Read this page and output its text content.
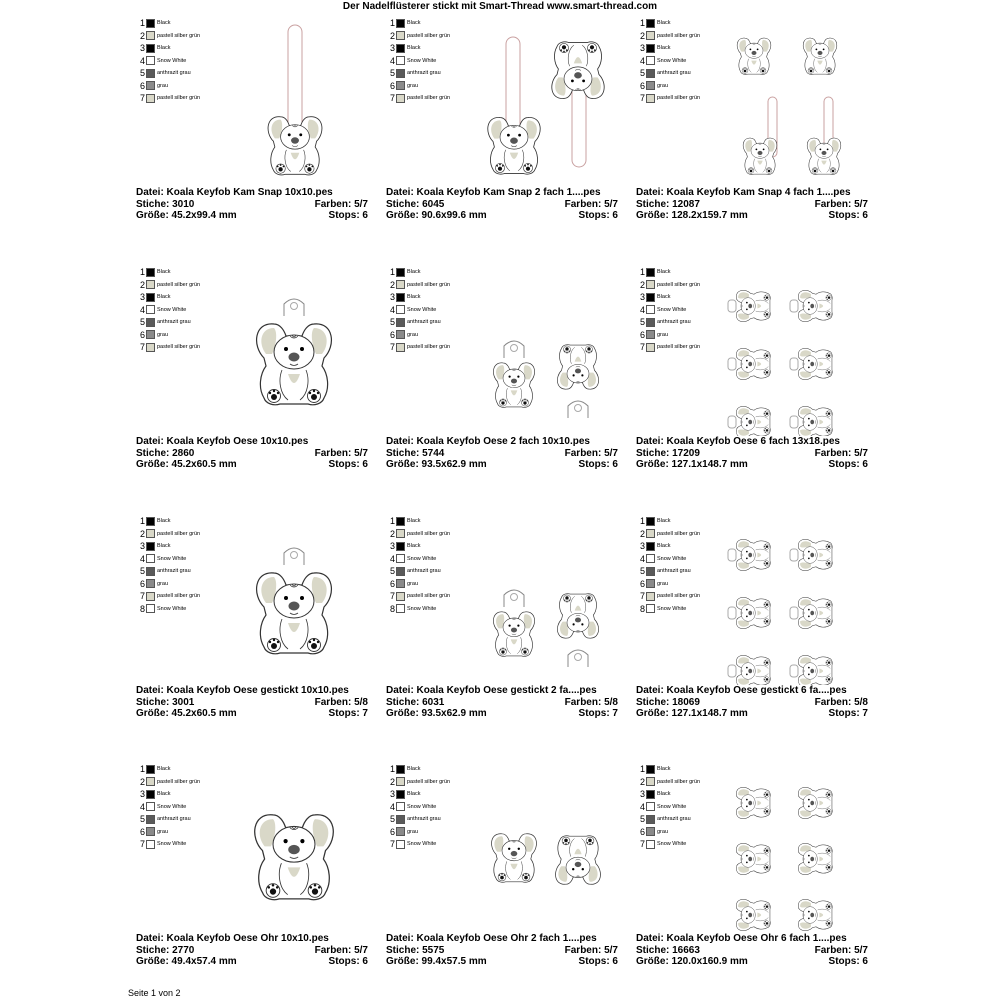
Der Nadelflüsterer stickt mit Smart-Thread www.smart-thread.com
1 Black
2 pastell silber grün
3 Black
4 Snow White
5 anthrazit grau
6 grau
7 pastell silber grün
Datei: Koala Keyfob Kam Snap 10x10.pes
Stiche: 3010	Farben: 5/7
Größe: 45.2x99.4 mm	Stops: 6
1 Black
2 pastell silber grün
3 Black
4 Snow White
5 anthrazit grau
6 grau
7 pastell silber grün
Datei: Koala Keyfob Kam Snap 2 fach 1....pes
Stiche: 6045	Farben: 5/7
Größe: 90.6x99.6 mm	Stops: 6
1 Black
2 pastell silber grün
3 Black
4 Snow White
5 anthrazit grau
6 grau
7 pastell silber grün
Datei: Koala Keyfob Kam Snap 4 fach 1....pes
Stiche: 12087	Farben: 5/7
Größe: 128.2x159.7 mm	Stops: 6
1 Black
2 pastell silber grün
3 Black
4 Snow White
5 anthrazit grau
6 grau
7 pastell silber grün
Datei: Koala Keyfob Oese 10x10.pes
Stiche: 2860	Farben: 5/7
Größe: 45.2x60.5 mm	Stops: 6
1 Black
2 pastell silber grün
3 Black
4 Snow White
5 anthrazit grau
6 grau
7 pastell silber grün
Datei: Koala Keyfob Oese 2 fach 10x10.pes
Stiche: 5744	Farben: 5/7
Größe: 93.5x62.9 mm	Stops: 6
1 Black
2 pastell silber grün
3 Black
4 Snow White
5 anthrazit grau
6 grau
7 pastell silber grün
Datei: Koala Keyfob Oese 6 fach 13x18.pes
Stiche: 17209	Farben: 5/7
Größe: 127.1x148.7 mm	Stops: 6
1 Black
2 pastell silber grün
3 Black
4 Snow White
5 anthrazit grau
6 grau
7 pastell silber grün
8 Snow White
Datei: Koala Keyfob Oese gestickt 10x10.pes
Stiche: 3001	Farben: 5/8
Größe: 45.2x60.5 mm	Stops: 7
1 Black
2 pastell silber grün
3 Black
4 Snow White
5 anthrazit grau
6 grau
7 pastell silber grün
8 Snow White
Datei: Koala Keyfob Oese gestickt 2 fa....pes
Stiche: 6031	Farben: 5/8
Größe: 93.5x62.9 mm	Stops: 7
1 Black
2 pastell silber grün
3 Black
4 Snow White
5 anthrazit grau
6 grau
7 pastell silber grün
8 Snow White
Datei: Koala Keyfob Oese gestickt 6 fa....pes
Stiche: 18069	Farben: 5/8
Größe: 127.1x148.7 mm	Stops: 7
1 Black
2 pastell silber grün
3 Black
4 Snow White
5 anthrazit grau
6 grau
7 Snow White
Datei: Koala Keyfob Oese Ohr 10x10.pes
Stiche: 2770	Farben: 5/7
Größe: 49.4x57.4 mm	Stops: 6
1 Black
2 pastell silber grün
3 Black
4 Snow White
5 anthrazit grau
6 grau
7 Snow White
Datei: Koala Keyfob Oese Ohr 2 fach 1....pes
Stiche: 5575	Farben: 5/7
Größe: 99.4x57.5 mm	Stops: 6
1 Black
2 pastell silber grün
3 Black
4 Snow White
5 anthrazit grau
6 grau
7 Snow White
Datei: Koala Keyfob Oese Ohr 6 fach 1....pes
Stiche: 16663	Farben: 5/7
Größe: 120.0x160.9 mm	Stops: 6
Seite 1 von 2
